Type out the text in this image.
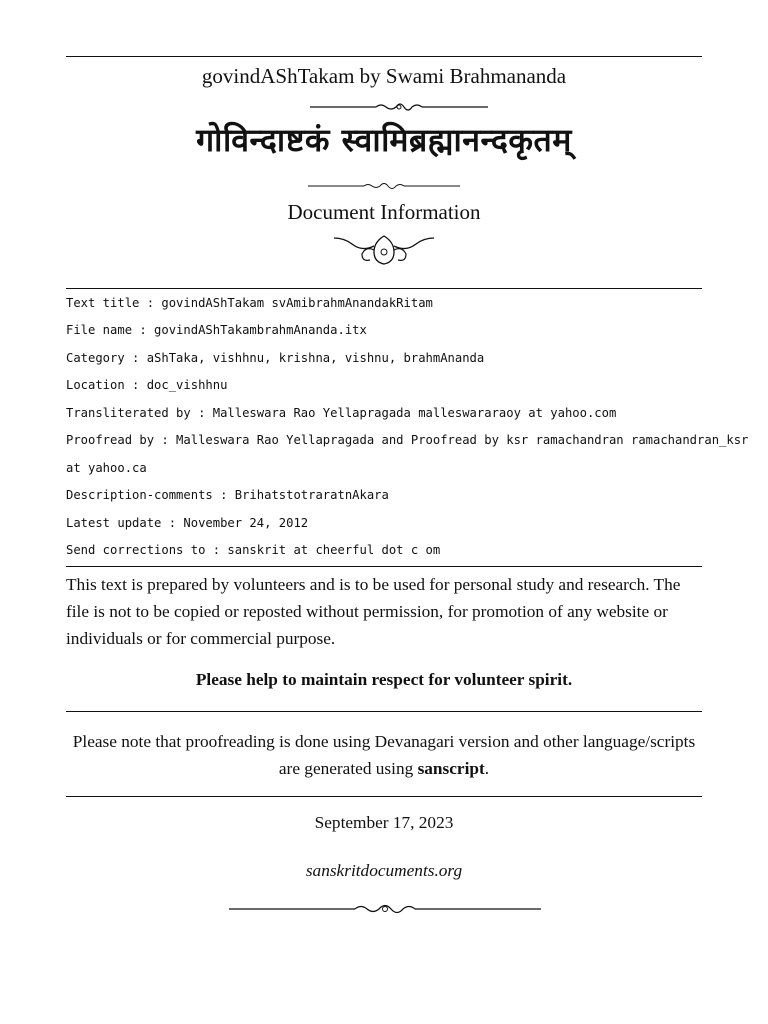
govindAShTakam by Swami Brahmananda
गोविन्दाष्टकं स्वामिब्रह्मानन्दकृतम्
Document Information
Text title : govindAShTakam svAmibrahmAnandakRitam
File name : govindAShTakambrahmAnanda.itx
Category : aShTaka, vishhnu, krishna, vishnu, brahmAnanda
Location : doc_vishhnu
Transliterated by : Malleswara Rao Yellapragada malleswararaoy at yahoo.com
Proofread by : Malleswara Rao Yellapragada and Proofread by ksr ramachandran ramachandran_ksr
at yahoo.ca
Description-comments : BrihatstotraratnAkara
Latest update : November 24, 2012
Send corrections to : sanskrit at cheerful dot c om
This text is prepared by volunteers and is to be used for personal study and research. The
file is not to be copied or reposted without permission, for promotion of any website or
individuals or for commercial purpose.
Please help to maintain respect for volunteer spirit.
Please note that proofreading is done using Devanagari version and other language/scripts
are generated using sanscript.
September 17, 2023
sanskritdocuments.org
